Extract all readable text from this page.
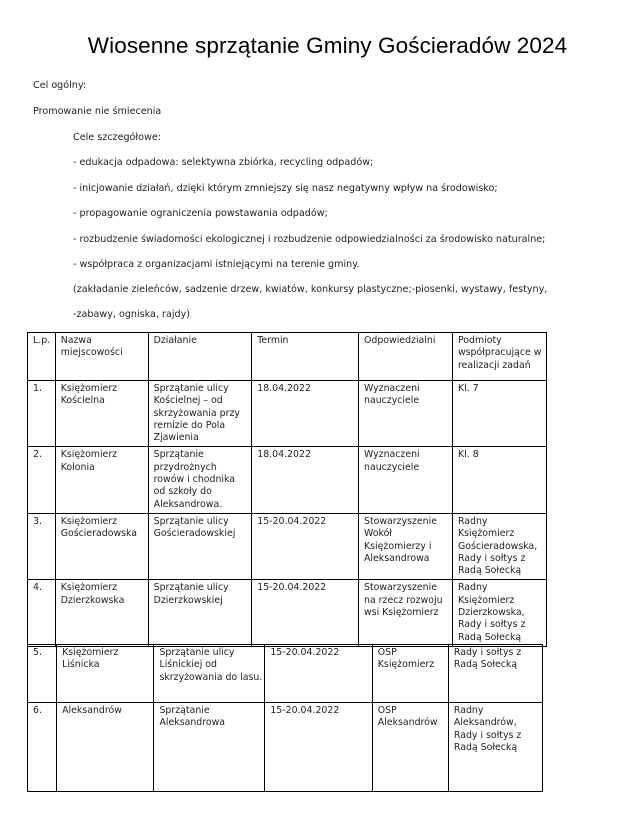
Wiosenne sprzątanie Gminy Gościeradów 2024
Cel ogólny:
Promowanie nie śmiecenia
Cele szczegółowe:
- edukacja odpadowa: selektywna zbiórka, recycling odpadów;
- inicjowanie działań, dzięki którym zmniejszy się nasz negatywny wpływ na środowisko;
- propagowanie ograniczenia powstawania odpadów;
- rozbudzenie świadomości ekologicznej i rozbudzenie odpowiedzialności za środowisko naturalne;
- współpraca z organizacjami istniejącymi na terenie gminy.
(zakładanie zieleńców, sadzenie drzew, kwiatów, konkursy plastyczne;-piosenki, wystawy, festyny,
-zabawy, ogniska, rajdy)
L.p.	Nazwa miejscowości	Działanie	Termin	Odpowiedzialni	Podmioty współpracujące w realizacji zadań
1.	Księżomierz Kościelna	Sprzątanie ulicy Kościelnej – od skrzyżowania przy remizie do Pola Zjawienia	18.04.2022	Wyznaczeni nauczyciele	Kl. 7
2.	Księżomierz Kolonia	Sprzątanie przydrożnych rowów i chodnika od szkoły do Aleksandrowa.	18.04.2022	Wyznaczeni nauczyciele	Kl. 8
3.	Księżomierz Gościeradowska	Sprzątanie ulicy Gościeradowskiej	15-20.04.2022	Stowarzyszenie Wokół Księżomierzy i Aleksandrowa	Radny Księżomierz Gościeradowska, Rady i sołtys z Radą Sołecką
4.	Księżomierz Dzierzkowska	Sprzątanie ulicy Dzierzkowskiej	15-20.04.2022	Stowarzyszenie na rzecz rozwoju wsi Księżomierz	Radny Księżomierz Dzierzkowska, Rady i sołtys z Radą Sołecką
5.	Księżomierz Liśnicka	Sprzątanie ulicy Liśnickiej od skrzyżowania do lasu.	15-20.04.2022	OSP Księżomierz	Rady i sołtys z Radą Sołecką
6.	Aleksandrów	Sprzątanie Aleksandrowa	15-20.04.2022	OSP Aleksandrów	Radny Aleksandrów, Rady i sołtys z Radą Sołecką
